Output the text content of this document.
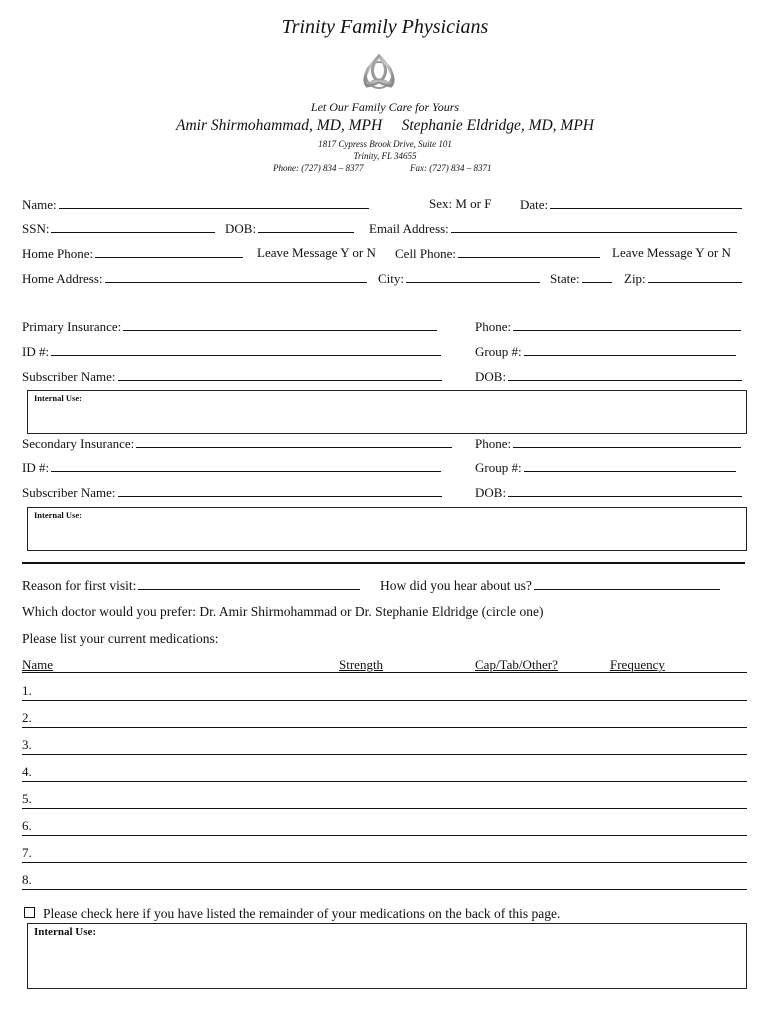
Trinity Family Physicians
Let Our Family Care for Yours
Amir Shirmohammad, MD, MPH     Stephanie Eldridge, MD, MPH
1817 Cypress Brook Drive, Suite 101
Trinity, FL 34655
Phone: (727) 834 – 8377	Fax: (727) 834 – 8371
Name:	Sex: M or F Date:
SSN:	DOB:	Email Address:
Home Phone:	Leave Message Y or N Cell Phone:	Leave Message Y or N
Home Address:	City:	State:	Zip:
Primary Insurance:	Phone:
ID #:	Group #:
Subscriber Name:	DOB:
Internal Use:
Secondary Insurance:	Phone:
ID #:	Group #:
Subscriber Name:	DOB:
Internal Use:
Reason for first visit:	How did you hear about us?
Which doctor would you prefer: Dr. Amir Shirmohammad or Dr. Stephanie Eldridge (circle one)
Please list your current medications:
Name	Strength	Cap/Tab/Other?	Frequency
1.
2.
3.
4.
5.
6.
7.
8.
Please check here if you have listed the remainder of your medications on the back of this page.
Internal Use:
